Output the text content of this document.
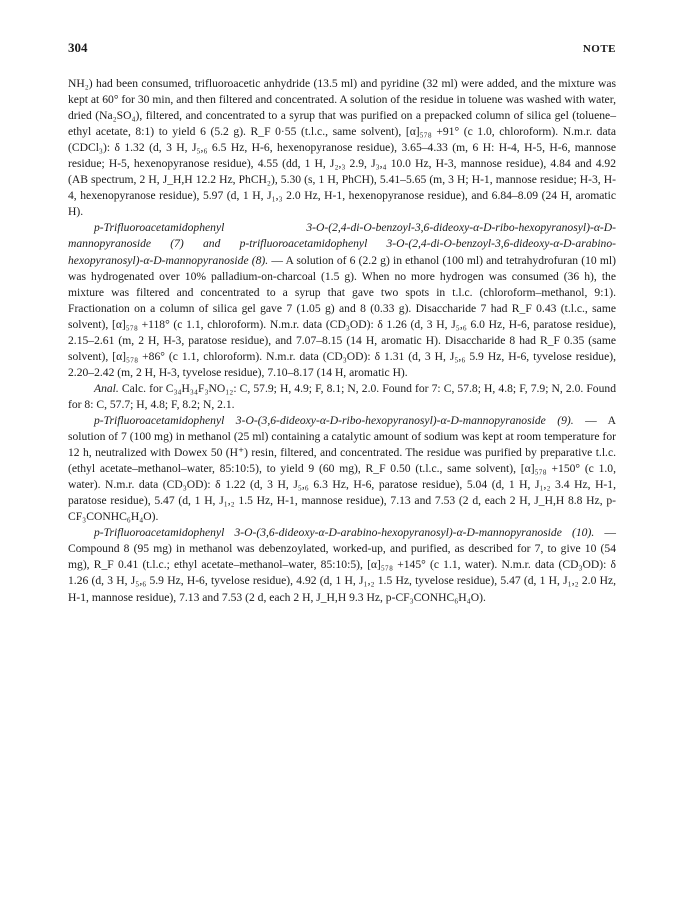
304	NOTE

NH₂) had been consumed, trifluoroacetic anhydride (13.5 ml) and pyridine (32 ml) were added, and the mixture was kept at 60° for 30 min, and then filtered and concentrated. A solution of the residue in toluene was washed with water, dried (Na₂SO₄), filtered, and concentrated to a syrup that was purified on a prepacked column of silica gel (toluene–ethyl acetate, 8:1) to yield 6 (5.2 g). R_F 0·55 (t.l.c., same solvent), [α]₅₇₈ +91° (c 1.0, chloroform). N.m.r. data (CDCl₃): δ 1.32 (d, 3 H, J₅,₆ 6.5 Hz, H-6, hexenopyranose residue), 3.65–4.33 (m, 6 H: H-4, H-5, H-6, mannose residue; H-5, hexenopyranose residue), 4.55 (dd, 1 H, J₂,₃ 2.9, J₃,₄ 10.0 Hz, H-3, mannose residue), 4.84 and 4.92 (AB spectrum, 2 H, J_H,H 12.2 Hz, PhCH₂), 5.30 (s, 1 H, PhCH), 5.41–5.65 (m, 3 H; H-1, mannose residue; H-3, H-4, hexenopyranose residue), 5.97 (d, 1 H, J₁,₃ 2.0 Hz, H-1, hexenopyranose residue), and 6.84–8.09 (24 H, aromatic H).

p-Trifluoroacetamidophenyl 3-O-(2,4-di-O-benzoyl-3,6-dideoxy-α-D-ribo-hexopyranosyl)-α-D-mannopyranoside (7) and p-trifluoroacetamidophenyl 3-O-(2,4-di-O-benzoyl-3,6-dideoxy-α-D-arabino-hexopyranosyl)-α-D-mannopyranoside (8). — A solution of 6 (2.2 g) in ethanol (100 ml) and tetrahydrofuran (10 ml) was hydrogenated over 10% palladium-on-charcoal (1.5 g). When no more hydrogen was consumed (36 h), the mixture was filtered and concentrated to a syrup that gave two spots in t.l.c. (chloroform–methanol, 9:1). Fractionation on a column of silica gel gave 7 (1.05 g) and 8 (0.33 g). Disaccharide 7 had R_F 0.43 (t.l.c., same solvent), [α]₅₇₈ +118° (c 1.1, chloroform). N.m.r. data (CD₃OD): δ 1.26 (d, 3 H, J₅,₆ 6.0 Hz, H-6, paratose residue), 2.15–2.61 (m, 2 H, H-3, paratose residue), and 7.07–8.15 (14 H, aromatic H). Disaccharide 8 had R_F 0.35 (same solvent), [α]₅₇₈ +86° (c 1.1, chloroform). N.m.r. data (CD₃OD): δ 1.31 (d, 3 H, J₅,₆ 5.9 Hz, H-6, tyvelose residue), 2.20–2.42 (m, 2 H, H-3, tyvelose residue), 7.10–8.17 (14 H, aromatic H).

Anal. Calc. for C₃₄H₃₄F₃NO₁₂: C, 57.9; H, 4.9; F, 8.1; N, 2.0. Found for 7: C, 57.8; H, 4.8; F, 7.9; N, 2.0. Found for 8: C, 57.7; H, 4.8; F, 8.2; N, 2.1.

p-Trifluoroacetamidophenyl 3-O-(3,6-dideoxy-α-D-ribo-hexopyranosyl)-α-D-mannopyranoside (9). — A solution of 7 (100 mg) in methanol (25 ml) containing a catalytic amount of sodium was kept at room temperature for 12 h, neutralized with Dowex 50 (H⁺) resin, filtered, and concentrated. The residue was purified by preparative t.l.c. (ethyl acetate–methanol–water, 85:10:5), to yield 9 (60 mg), R_F 0.50 (t.l.c., same solvent), [α]₅₇₈ +150° (c 1.0, water). N.m.r. data (CD₃OD): δ 1.22 (d, 3 H, J₅,₆ 6.3 Hz, H-6, paratose residue), 5.04 (d, 1 H, J₁,₂ 3.4 Hz, H-1, paratose residue), 5.47 (d, 1 H, J₁,₂ 1.5 Hz, H-1, mannose residue), 7.13 and 7.53 (2 d, each 2 H, J_H,H 8.8 Hz, p-CF₃CONHC₆H₄O).

p-Trifluoroacetamidophenyl 3-O-(3,6-dideoxy-α-D-arabino-hexopyranosyl)-α-D-mannopyranoside (10). — Compound 8 (95 mg) in methanol was debenzoylated, worked-up, and purified, as described for 7, to give 10 (54 mg), R_F 0.41 (t.l.c.; ethyl acetate–methanol–water, 85:10:5), [α]₅₇₈ +145° (c 1.1, water). N.m.r. data (CD₃OD): δ 1.26 (d, 3 H, J₅,₆ 5.9 Hz, H-6, tyvelose residue), 4.92 (d, 1 H, J₁,₂ 1.5 Hz, tyvelose residue), 5.47 (d, 1 H, J₁,₂ 2.0 Hz, H-1, mannose residue), 7.13 and 7.53 (2 d, each 2 H, J_H,H 9.3 Hz, p-CF₃CONHC₆H₄O).
